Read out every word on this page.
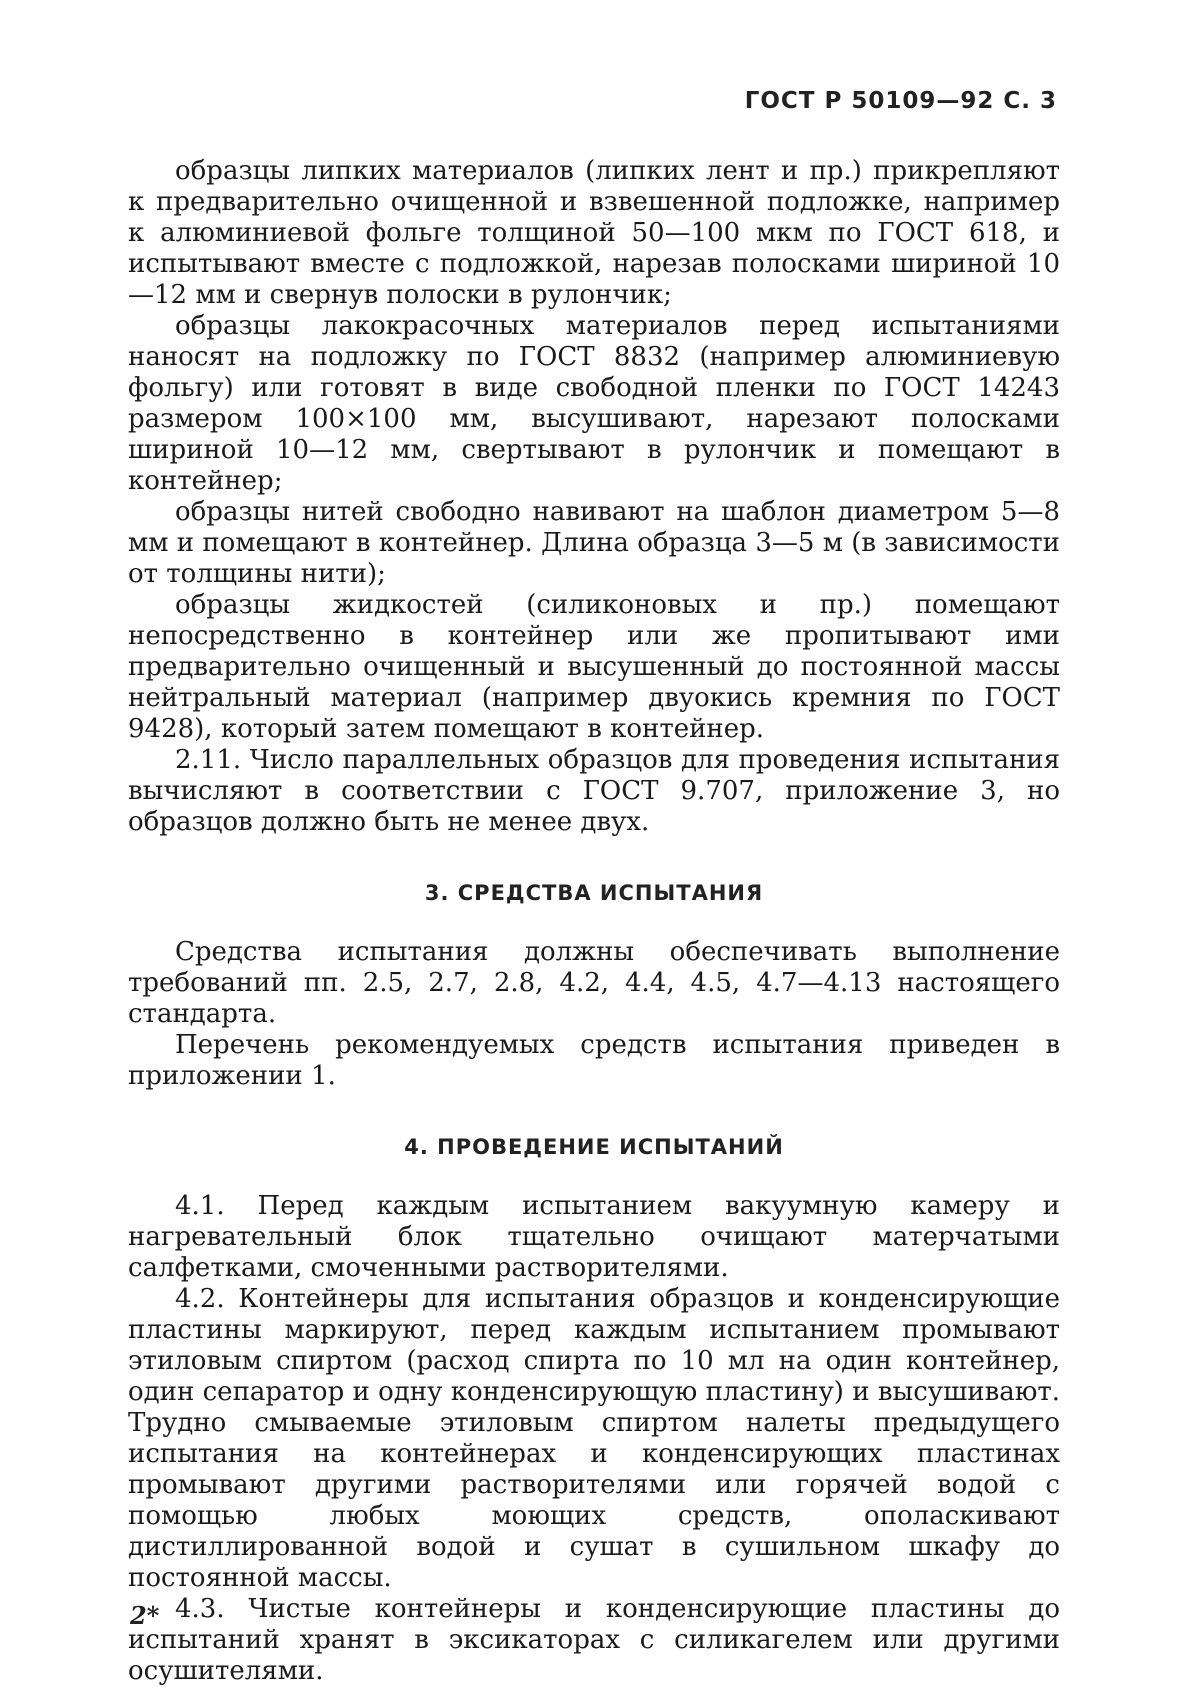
ГОСТ Р 50109—92 С. 3

образцы липких материалов (липких лент и пр.) прикрепляют к предварительно очищенной и взвешенной подложке, например к алюминиевой фольге толщиной 50—100 мкм по ГОСТ 618, и испытывают вместе с подложкой, нарезав полосками шириной 10—12 мм и свернув полоски в рулончик;

образцы лакокрасочных материалов перед испытаниями наносят на подложку по ГОСТ 8832 (например алюминиевую фольгу) или готовят в виде свободной пленки по ГОСТ 14243 размером 100×100 мм, высушивают, нарезают полосками шириной 10—12 мм, свертывают в рулончик и помещают в контейнер;

образцы нитей свободно навивают на шаблон диаметром 5—8 мм и помещают в контейнер. Длина образца 3—5 м (в зависимости от толщины нити);

образцы жидкостей (силиконовых и пр.) помещают непосредственно в контейнер или же пропитывают ими предварительно очищенный и высушенный до постоянной массы нейтральный материал (например двуокись кремния по ГОСТ 9428), который затем помещают в контейнер.

2.11. Число параллельных образцов для проведения испытания вычисляют в соответствии с ГОСТ 9.707, приложение 3, но образцов должно быть не менее двух.

3. СРЕДСТВА ИСПЫТАНИЯ

Средства испытания должны обеспечивать выполнение требований пп. 2.5, 2.7, 2.8, 4.2, 4.4, 4.5, 4.7—4.13 настоящего стандарта.

Перечень рекомендуемых средств испытания приведен в приложении 1.

4. ПРОВЕДЕНИЕ ИСПЫТАНИЙ

4.1. Перед каждым испытанием вакуумную камеру и нагревательный блок тщательно очищают матерчатыми салфетками, смоченными растворителями.

4.2. Контейнеры для испытания образцов и конденсирующие пластины маркируют, перед каждым испытанием промывают этиловым спиртом (расход спирта по 10 мл на один контейнер, один сепаратор и одну конденсирующую пластину) и высушивают. Трудно смываемые этиловым спиртом налеты предыдущего испытания на контейнерах и конденсирующих пластинах промывают другими растворителями или горячей водой с помощью любых моющих средств, ополаскивают дистиллированной водой и сушат в сушильном шкафу до постоянной массы.

4.3. Чистые контейнеры и конденсирующие пластины до испытаний хранят в эксикаторах с силикагелем или другими осушителями.

2*
